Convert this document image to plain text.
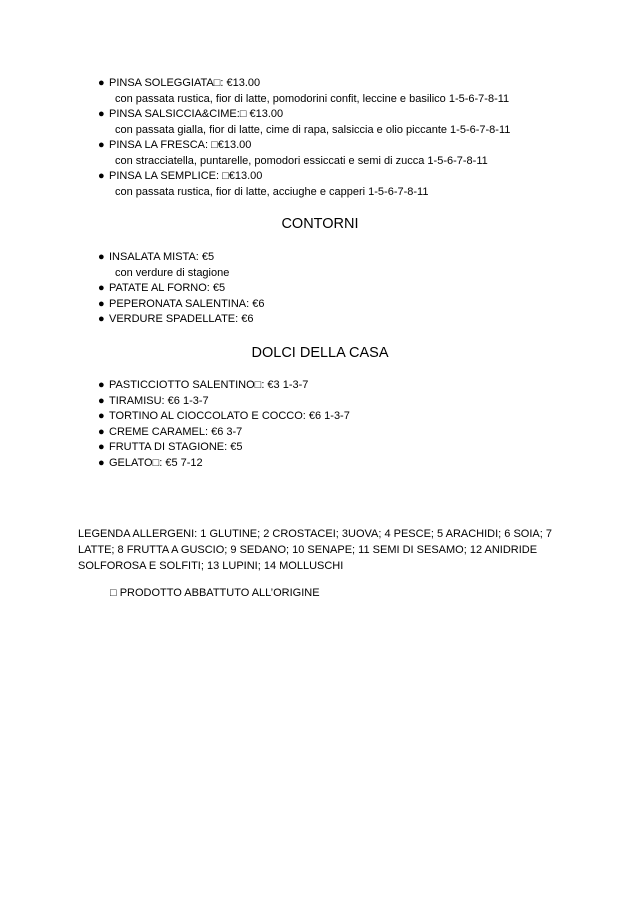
● PINSA SOLEGGIATA□: €13.00
con passata rustica, fior di latte, pomodorini confit, leccine e basilico 1-5-6-7-8-11
● PINSA SALSICCIA&CIME:□ €13.00
con passata gialla, fior di latte, cime di rapa, salsiccia e olio piccante 1-5-6-7-8-11
● PINSA LA FRESCA: □€13.00
con stracciatella, puntarelle, pomodori essiccati e semi di zucca 1-5-6-7-8-11
● PINSA LA SEMPLICE: □€13.00
con passata rustica, fior di latte, acciughe e capperi 1-5-6-7-8-11
CONTORNI
● INSALATA MISTA: €5
con verdure di stagione
● PATATE AL FORNO: €5
● PEPERONATA SALENTINA: €6
● VERDURE SPADELLATE: €6
DOLCI DELLA CASA
● PASTICCIOTTO SALENTINO□: €3 1-3-7
● TIRAMISU: €6 1-3-7
● TORTINO AL CIOCCOLATO E COCCO: €6 1-3-7
● CREME CARAMEL: €6 3-7
● FRUTTA DI STAGIONE: €5
● GELATO□: €5 7-12
LEGENDA ALLERGENI: 1 GLUTINE; 2 CROSTACEI; 3UOVA; 4 PESCE; 5 ARACHIDI; 6 SOIA; 7 LATTE; 8 FRUTTA A GUSCIO; 9 SEDANO; 10 SENAPE; 11 SEMI DI SESAMO; 12 ANIDRIDE SOLFOROSA E SOLFITI; 13 LUPINI; 14 MOLLUSCHI
□ PRODOTTO ABBATTUTO ALL’ORIGINE
